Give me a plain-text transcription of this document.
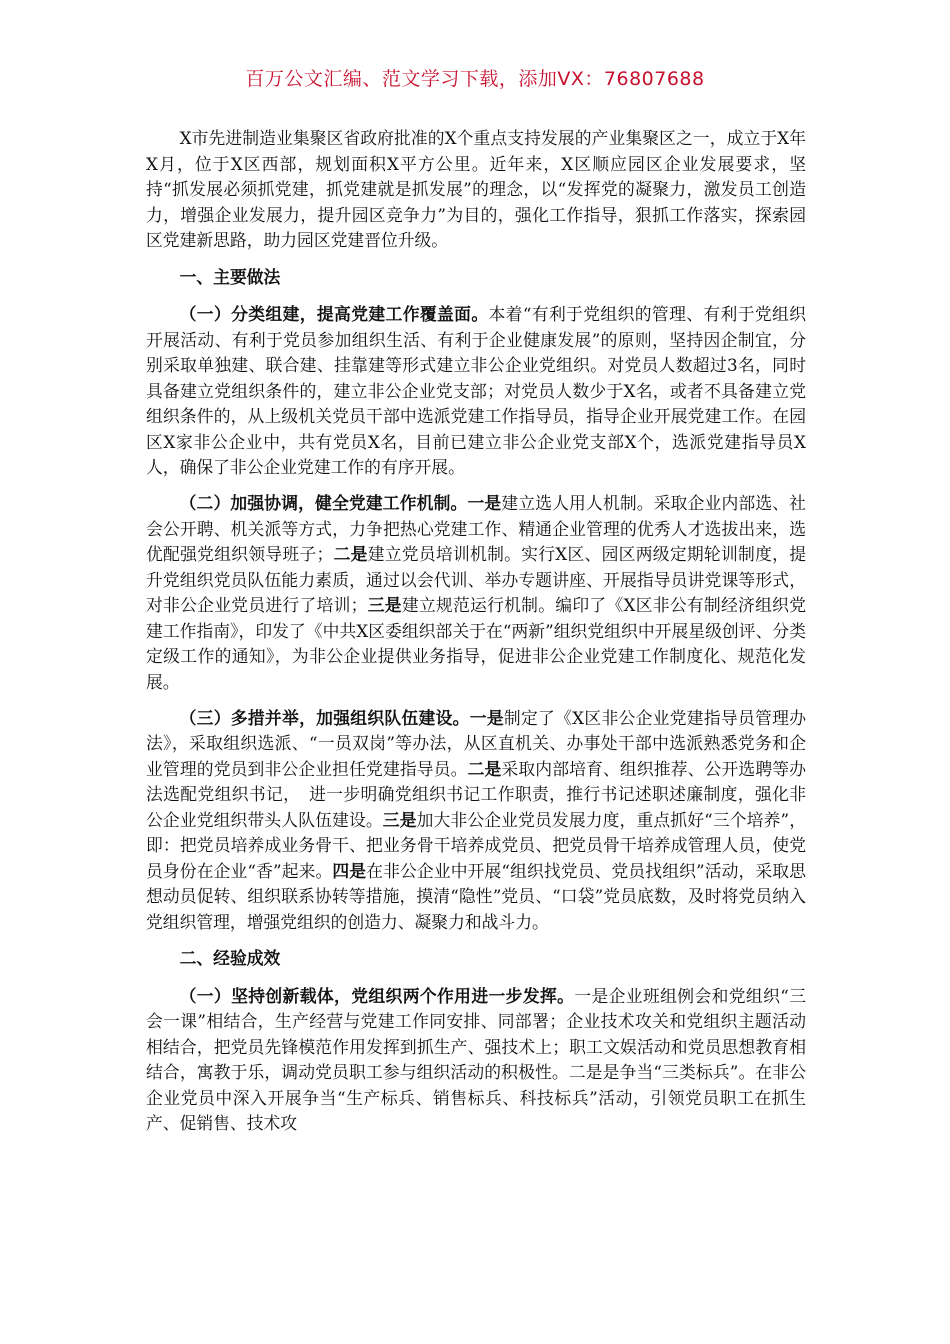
百万公文汇编、范文学习下载，添加VX：76807688

X市先进制造业集聚区省政府批准的X个重点支持发展的产业集聚区之一，成立于X年X月，位于X区西部，规划面积X平方公里。近年来，X区顺应园区企业发展要求，坚持“抓发展必须抓党建，抓党建就是抓发展”的理念，以“发挥党的凝聚力，激发员工创造力，增强企业发展力，提升园区竞争力”为目的，强化工作指导，狠抓工作落实，探索园区党建新思路，助力园区党建晋位升级。

一、主要做法

（一）分类组建，提高党建工作覆盖面。本着“有利于党组织的管理、有利于党组织开展活动、有利于党员参加组织生活、有利于企业健康发展”的原则，坚持因企制宜，分别采取单独建、联合建、挂靠建等形式建立非公企业党组织。对党员人数超过3名，同时具备建立党组织条件的，建立非公企业党支部；对党员人数少于X名，或者不具备建立党组织条件的，从上级机关党员干部中选派党建工作指导员，指导企业开展党建工作。在园区X家非公企业中，共有党员X名，目前已建立非公企业党支部X个，选派党建指导员X人，确保了非公企业党建工作的有序开展。

（二）加强协调，健全党建工作机制。一是建立选人用人机制。采取企业内部选、社会公开聘、机关派等方式，力争把热心党建工作、精通企业管理的优秀人才选拔出来，选优配强党组织领导班子；二是建立党员培训机制。实行X区、园区两级定期轮训制度，提升党组织党员队伍能力素质，通过以会代训、举办专题讲座、开展指导员讲党课等形式，对非公企业党员进行了培训；三是建立规范运行机制。编印了《X区非公有制经济组织党建工作指南》，印发了《中共X区委组织部关于在“两新”组织党组织中开展星级创评、分类定级工作的通知》，为非公企业提供业务指导，促进非公企业党建工作制度化、规范化发展。

（三）多措并举，加强组织队伍建设。一是制定了《X区非公企业党建指导员管理办法》，采取组织选派、“一员双岗”等办法，从区直机关、办事处干部中选派熟悉党务和企业管理的党员到非公企业担任党建指导员。二是采取内部培育、组织推荐、公开选聘等办法选配党组织书记，　进一步明确党组织书记工作职责，推行书记述职述廉制度，强化非公企业党组织带头人队伍建设。三是加大非公企业党员发展力度，重点抓好“三个培养”，即：把党员培养成业务骨干、把业务骨干培养成党员、把党员骨干培养成管理人员，使党员身份在企业“香”起来。四是在非公企业中开展“组织找党员、党员找组织”活动，采取思想动员促转、组织联系协转等措施，摸清“隐性”党员、“口袋”党员底数，及时将党员纳入党组织管理，增强党组织的创造力、凝聚力和战斗力。

二、经验成效

（一）坚持创新载体，党组织两个作用进一步发挥。一是企业班组例会和党组织“三会一课”相结合，生产经营与党建工作同安排、同部署；企业技术攻关和党组织主题活动相结合，把党员先锋模范作用发挥到抓生产、强技术上；职工文娱活动和党员思想教育相结合，寓教于乐，调动党员职工参与组织活动的积极性。二是是争当“三类标兵”。在非公企业党员中深入开展争当“生产标兵、销售标兵、科技标兵”活动，引领党员职工在抓生产、促销售、技术攻
